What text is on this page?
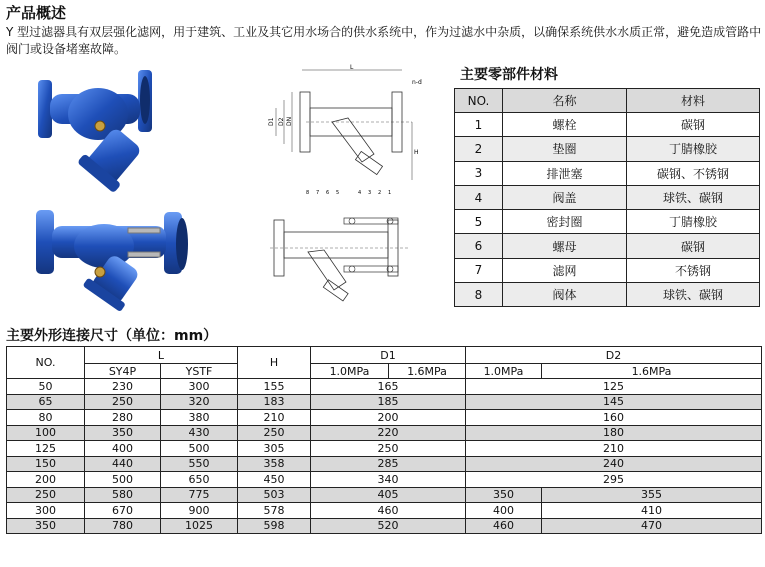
产品概述
Y 型过滤器具有双层强化滤网，用于建筑、工业及其它用水场合的供水系统中，作为过滤水中杂质，以确保系统供水水质正常，避免造成管路中阀门或设备堵塞故障。
L
D1 D2 DN
H
n-d
8 7 6 5	4 3 2 1
主要零部件材料
NO.	名称	材料
1	螺栓	碳钢
2	垫圈	丁腈橡胶
3	排泄塞	碳钢、不锈钢
4	阀盖	球铁、碳钢
5	密封圈	丁腈橡胶
6	螺母	碳钢
7	滤网	不锈钢
8	阀体	球铁、碳钢
主要外形连接尺寸（单位：mm）
NO.	L		H	D1		D2	
	SY4P	YSTF		1.0MPa	1.6MPa	1.0MPa	1.6MPa
50	230	300	155	165		125	
65	250	320	183	185		145	
80	280	380	210	200		160	
100	350	430	250	220		180	
125	400	500	305	250		210	
150	440	550	358	285		240	
200	500	650	450	340		295	
250	580	775	503	405		350	355
300	670	900	578	460		400	410
350	780	1025	598	520		460	470
